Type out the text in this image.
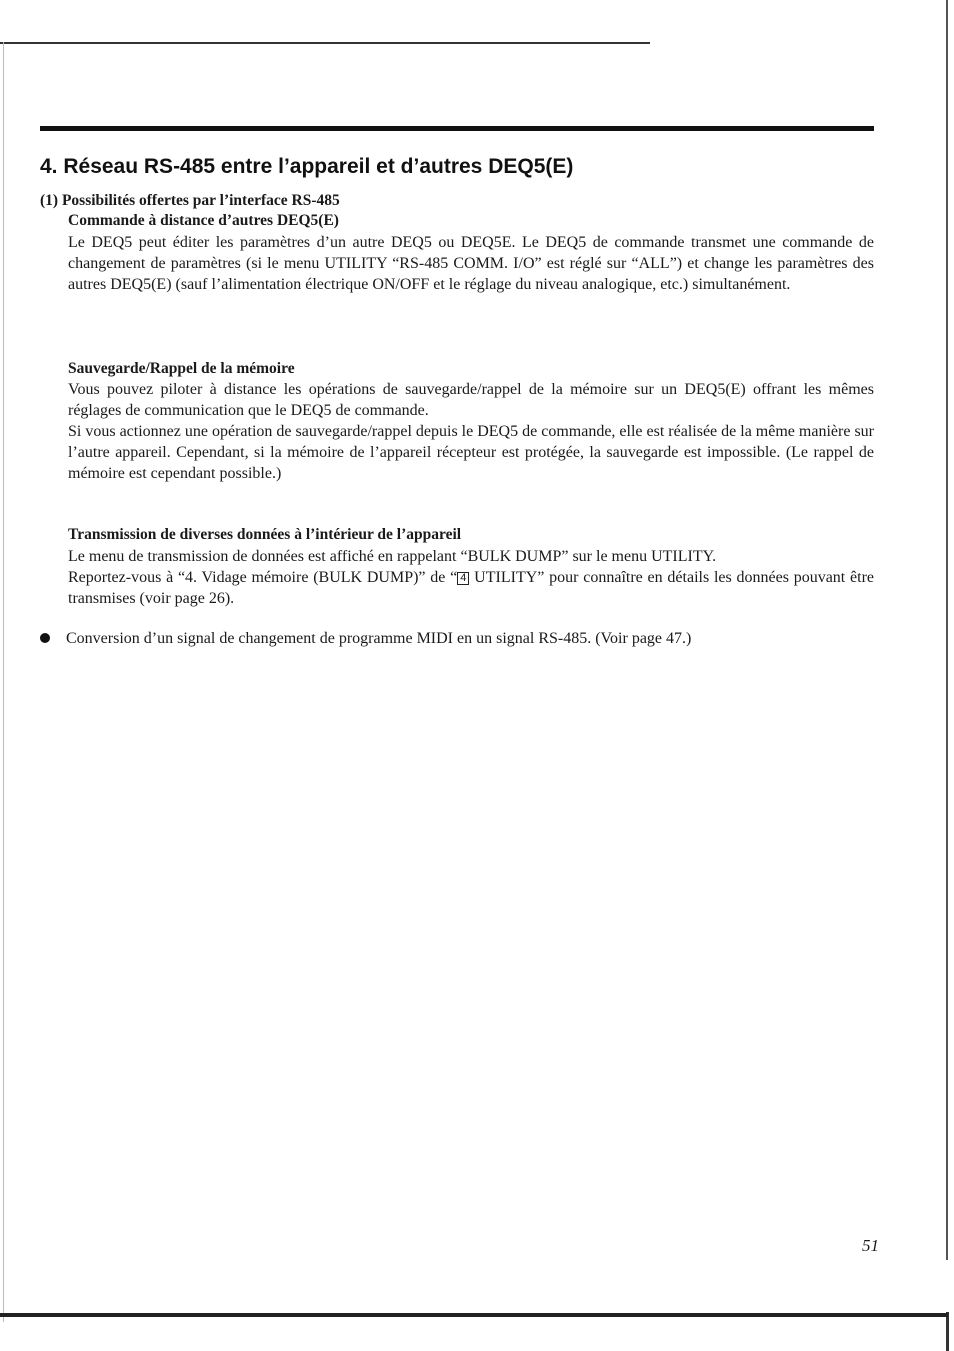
4. Réseau RS-485 entre l’appareil et d’autres DEQ5(E)
(1) Possibilités offertes par l’interface RS-485
Commande à distance d’autres DEQ5(E)

Le DEQ5 peut éditer les paramètres d’un autre DEQ5 ou DEQ5E. Le DEQ5 de commande transmet une commande de changement de paramètres (si le menu UTILITY “RS-485 COMM. I/O” est réglé sur “ALL”) et change les paramètres des autres DEQ5(E) (sauf l’alimentation électrique ON/OFF et le réglage du niveau analogique, etc.) simultanément.

Sauvegarde/Rappel de la mémoire

Vous pouvez piloter à distance les opérations de sauvegarde/rappel de la mémoire sur un DEQ5(E) offrant les mêmes réglages de communication que le DEQ5 de commande.

Si vous actionnez une opération de sauvegarde/rappel depuis le DEQ5 de commande, elle est réalisée de la même manière sur l’autre appareil. Cependant, si la mémoire de l’appareil récepteur est protégée, la sauvegarde est impossible. (Le rappel de mémoire est cependant possible.)

Transmission de diverses données à l’intérieur de l’appareil

Le menu de transmission de données est affiché en rappelant “BULK DUMP” sur le menu UTILITY.

Reportez-vous à “4. Vidage mémoire (BULK DUMP)” de “ 4 UTILITY” pour connaître en détails les données pouvant être transmises (voir page 26).

Conversion d’un signal de changement de programme MIDI en un signal RS-485. (Voir page 47.)

51
